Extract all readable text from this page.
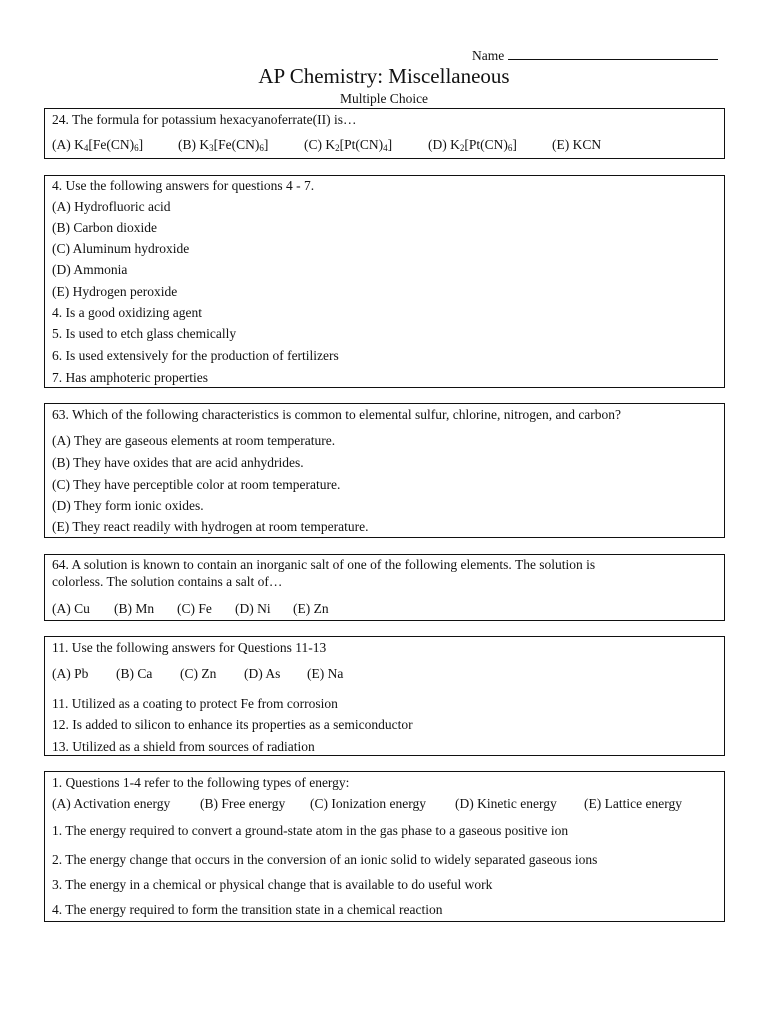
Name
AP Chemistry: Miscellaneous
Multiple Choice
24. The formula for potassium hexacyanoferrate(II) is…
(A) $K_4[Fe(CN)_6]$	(B) $K_3[Fe(CN)_6]$	(C) $K_2[Pt(CN)_4]$	(D) $K_2[Pt(CN)_6]$	(E) KCN
4. Use the following answers for questions 4 - 7.
(A) Hydrofluoric acid
(B) Carbon dioxide
(C) Aluminum hydroxide
(D) Ammonia
(E) Hydrogen peroxide
4. Is a good oxidizing agent
5. Is used to etch glass chemically
6. Is used extensively for the production of fertilizers
7. Has amphoteric properties
63. Which of the following characteristics is common to elemental sulfur, chlorine, nitrogen, and carbon?
(A) They are gaseous elements at room temperature.
(B) They have oxides that are acid anhydrides.
(C) They have perceptible color at room temperature.
(D) They form ionic oxides.
(E) They react readily with hydrogen at room temperature.
64. A solution is known to contain an inorganic salt of one of the following elements. The solution is
colorless. The solution contains a salt of…
(A) Cu	(B) Mn	(C) Fe	(D) Ni	(E) Zn
11. Use the following answers for Questions 11-13
(A) Pb	(B) Ca	(C) Zn	(D) As	(E) Na
11. Utilized as a coating to protect Fe from corrosion
12. Is added to silicon to enhance its properties as a semiconductor
13. Utilized as a shield from sources of radiation
1. Questions 1-4 refer to the following types of energy:
(A) Activation energy	(B) Free energy	(C) Ionization energy	(D) Kinetic energy	(E) Lattice energy
1. The energy required to convert a ground-state atom in the gas phase to a gaseous positive ion
2. The energy change that occurs in the conversion of an ionic solid to widely separated gaseous ions
3. The energy in a chemical or physical change that is available to do useful work
4. The energy required to form the transition state in a chemical reaction
